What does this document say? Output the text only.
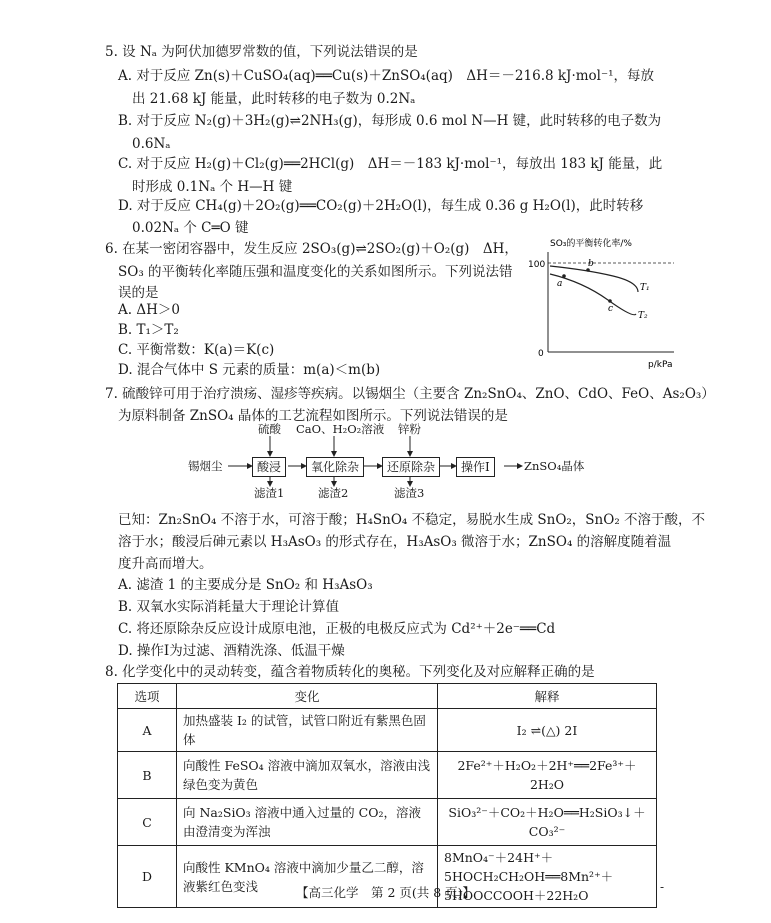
5. 设 Nₐ 为阿伏加德罗常数的值，下列说法错误的是
A. 对于反应 Zn(s)＋CuSO₄(aq)══Cu(s)＋ZnSO₄(aq)　ΔH＝－216.8 kJ·mol⁻¹，每放
出 21.68 kJ 能量，此时转移的电子数为 0.2Nₐ
B. 对于反应 N₂(g)＋3H₂(g)⇌2NH₃(g)，每形成 0.6 mol N—H 键，此时转移的电子数为
0.6Nₐ
C. 对于反应 H₂(g)＋Cl₂(g)══2HCl(g)　ΔH＝－183 kJ·mol⁻¹，每放出 183 kJ 能量，此
时形成 0.1Nₐ 个 H—H 键
D. 对于反应 CH₄(g)＋2O₂(g)══CO₂(g)＋2H₂O(l)，每生成 0.36 g H₂O(l)，此时转移
0.02Nₐ 个 C═O 键
6. 在某一密闭容器中，发生反应 2SO₃(g)⇌2SO₂(g)＋O₂(g)　ΔH，
SO₃ 的平衡转化率随压强和温度变化的关系如图所示。下列说法错
误的是
A. ΔH＞0
B. T₁＞T₂
C. 平衡常数：K(a)＝K(c)
D. 混合气体中 S 元素的质量：m(a)＜m(b)
SO₃的平衡转化率/%
100
0
p/kPa
T₁
T₂
a
b
c
7. 硫酸锌可用于治疗溃疡、湿疹等疾病。以锡烟尘（主要含 Zn₂SnO₄、ZnO、CdO、FeO、As₂O₃）
为原料制备 ZnSO₄ 晶体的工艺流程如图所示。下列说法错误的是
锡烟尘	酸浸	氧化除杂	还原除杂	操作Ⅰ	ZnSO₄晶体
硫酸 CaO、H₂O₂溶液 锌粉
滤渣1	滤渣2	滤渣3
已知：Zn₂SnO₄ 不溶于水，可溶于酸；H₄SnO₄ 不稳定，易脱水生成 SnO₂，SnO₂ 不溶于酸，不
溶于水；酸浸后砷元素以 H₃AsO₃ 的形式存在，H₃AsO₃ 微溶于水；ZnSO₄ 的溶解度随着温
度升高而增大。
A. 滤渣 1 的主要成分是 SnO₂ 和 H₃AsO₃
B. 双氧水实际消耗量大于理论计算值
C. 将还原除杂反应设计成原电池，正极的电极反应式为 Cd²⁺＋2e⁻══Cd
D. 操作Ⅰ为过滤、酒精洗涤、低温干燥
8. 化学变化中的灵动转变，蕴含着物质转化的奥秘。下列变化及对应解释正确的是
选项	变化	解释
A	加热盛装 I₂ 的试管，试管口附近有紫黑色固体	I₂ ⇌(△) 2I
B	向酸性 FeSO₄ 溶液中滴加双氧水，溶液由浅绿色变为黄色	2Fe²⁺＋H₂O₂＋2H⁺══2Fe³⁺＋2H₂O
C	向 Na₂SiO₃ 溶液中通入过量的 CO₂，溶液由澄清变为浑浊	SiO₃²⁻＋CO₂＋H₂O══H₂SiO₃↓＋CO₃²⁻
D	向酸性 KMnO₄ 溶液中滴加少量乙二醇，溶液紫红色变浅	8MnO₄⁻＋24H⁺＋5HOCH₂CH₂OH══8Mn²⁺＋5HOOCCOOH＋22H₂O
【高三化学　第 2 页(共 8 页)】	-
